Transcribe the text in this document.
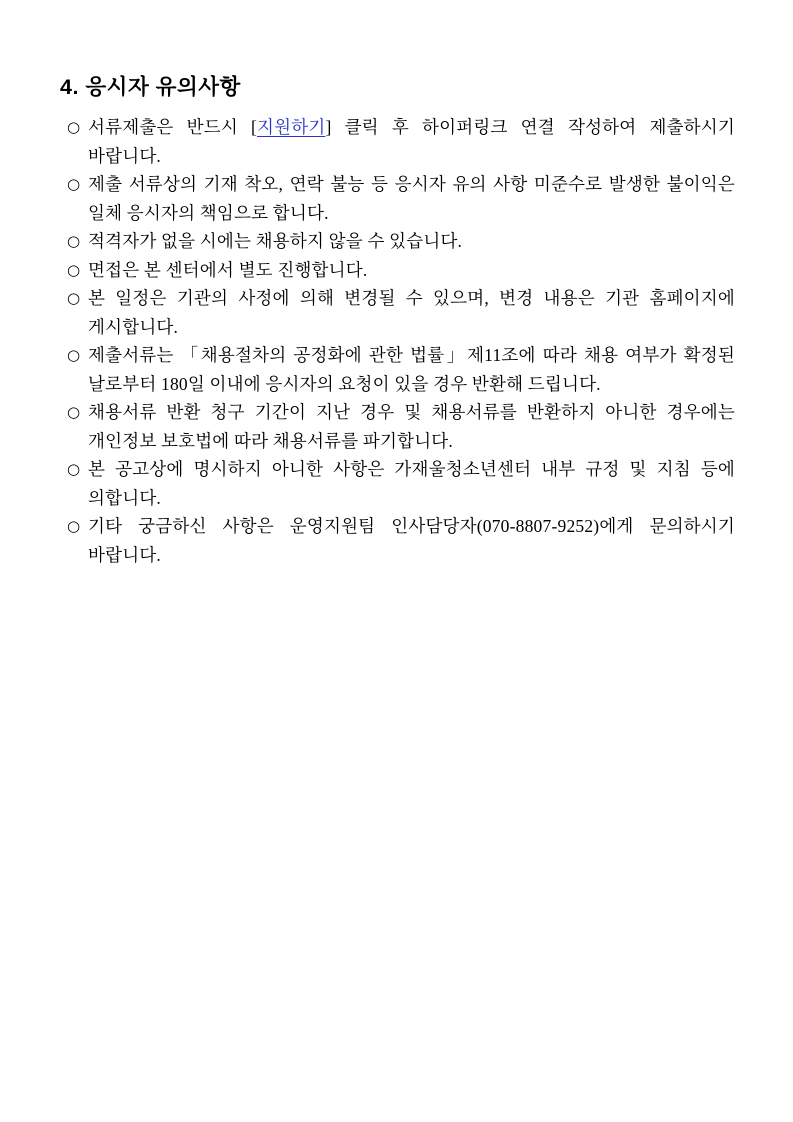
4. 응시자 유의사항
○ 서류제출은 반드시 [지원하기] 클릭 후 하이퍼링크 연결 작성하여 제출하시기 바랍니다.

○ 제출 서류상의 기재 착오, 연락 불능 등 응시자 유의 사항 미준수로 발생한 불이익은 일체 응시자의 책임으로 합니다.

○ 적격자가 없을 시에는 채용하지 않을 수 있습니다.

○ 면접은 본 센터에서 별도 진행합니다.

○ 본 일정은 기관의 사정에 의해 변경될 수 있으며, 변경 내용은 기관 홈페이지에 게시합니다.

○ 제출서류는 「채용절차의 공정화에 관한 법률」제11조에 따라 채용 여부가 확정된 날로부터 180일 이내에 응시자의 요청이 있을 경우 반환해 드립니다.

○ 채용서류 반환 청구 기간이 지난 경우 및 채용서류를 반환하지 아니한 경우에는 개인정보 보호법에 따라 채용서류를 파기합니다.

○ 본 공고상에 명시하지 아니한 사항은 가재울청소년센터 내부 규정 및 지침 등에 의합니다.

○ 기타 궁금하신 사항은 운영지원팀 인사담당자(070-8807-9252)에게 문의하시기 바랍니다.
